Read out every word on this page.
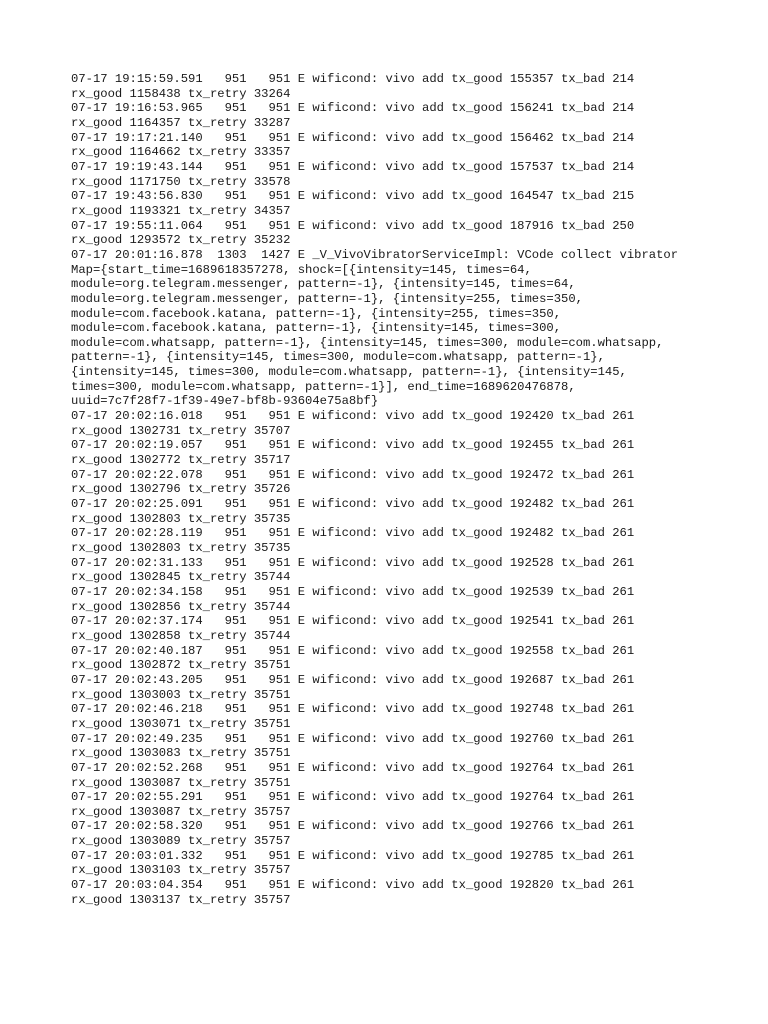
07-17 19:15:59.591   951   951 E wificond: vivo add tx_good 155357 tx_bad 214
rx_good 1158438 tx_retry 33264
07-17 19:16:53.965   951   951 E wificond: vivo add tx_good 156241 tx_bad 214
rx_good 1164357 tx_retry 33287
07-17 19:17:21.140   951   951 E wificond: vivo add tx_good 156462 tx_bad 214
rx_good 1164662 tx_retry 33357
07-17 19:19:43.144   951   951 E wificond: vivo add tx_good 157537 tx_bad 214
rx_good 1171750 tx_retry 33578
07-17 19:43:56.830   951   951 E wificond: vivo add tx_good 164547 tx_bad 215
rx_good 1193321 tx_retry 34357
07-17 19:55:11.064   951   951 E wificond: vivo add tx_good 187916 tx_bad 250
rx_good 1293572 tx_retry 35232
07-17 20:01:16.878  1303  1427 E _V_VivoVibratorServiceImpl: VCode collect vibrator
Map={start_time=1689618357278, shock=[{intensity=145, times=64,
module=org.telegram.messenger, pattern=-1}, {intensity=145, times=64,
module=org.telegram.messenger, pattern=-1}, {intensity=255, times=350,
module=com.facebook.katana, pattern=-1}, {intensity=255, times=350,
module=com.facebook.katana, pattern=-1}, {intensity=145, times=300,
module=com.whatsapp, pattern=-1}, {intensity=145, times=300, module=com.whatsapp,
pattern=-1}, {intensity=145, times=300, module=com.whatsapp, pattern=-1},
{intensity=145, times=300, module=com.whatsapp, pattern=-1}, {intensity=145,
times=300, module=com.whatsapp, pattern=-1}], end_time=1689620476878,
uuid=7c7f28f7-1f39-49e7-bf8b-93604e75a8bf}
07-17 20:02:16.018   951   951 E wificond: vivo add tx_good 192420 tx_bad 261
rx_good 1302731 tx_retry 35707
07-17 20:02:19.057   951   951 E wificond: vivo add tx_good 192455 tx_bad 261
rx_good 1302772 tx_retry 35717
07-17 20:02:22.078   951   951 E wificond: vivo add tx_good 192472 tx_bad 261
rx_good 1302796 tx_retry 35726
07-17 20:02:25.091   951   951 E wificond: vivo add tx_good 192482 tx_bad 261
rx_good 1302803 tx_retry 35735
07-17 20:02:28.119   951   951 E wificond: vivo add tx_good 192482 tx_bad 261
rx_good 1302803 tx_retry 35735
07-17 20:02:31.133   951   951 E wificond: vivo add tx_good 192528 tx_bad 261
rx_good 1302845 tx_retry 35744
07-17 20:02:34.158   951   951 E wificond: vivo add tx_good 192539 tx_bad 261
rx_good 1302856 tx_retry 35744
07-17 20:02:37.174   951   951 E wificond: vivo add tx_good 192541 tx_bad 261
rx_good 1302858 tx_retry 35744
07-17 20:02:40.187   951   951 E wificond: vivo add tx_good 192558 tx_bad 261
rx_good 1302872 tx_retry 35751
07-17 20:02:43.205   951   951 E wificond: vivo add tx_good 192687 tx_bad 261
rx_good 1303003 tx_retry 35751
07-17 20:02:46.218   951   951 E wificond: vivo add tx_good 192748 tx_bad 261
rx_good 1303071 tx_retry 35751
07-17 20:02:49.235   951   951 E wificond: vivo add tx_good 192760 tx_bad 261
rx_good 1303083 tx_retry 35751
07-17 20:02:52.268   951   951 E wificond: vivo add tx_good 192764 tx_bad 261
rx_good 1303087 tx_retry 35751
07-17 20:02:55.291   951   951 E wificond: vivo add tx_good 192764 tx_bad 261
rx_good 1303087 tx_retry 35757
07-17 20:02:58.320   951   951 E wificond: vivo add tx_good 192766 tx_bad 261
rx_good 1303089 tx_retry 35757
07-17 20:03:01.332   951   951 E wificond: vivo add tx_good 192785 tx_bad 261
rx_good 1303103 tx_retry 35757
07-17 20:03:04.354   951   951 E wificond: vivo add tx_good 192820 tx_bad 261
rx_good 1303137 tx_retry 35757
